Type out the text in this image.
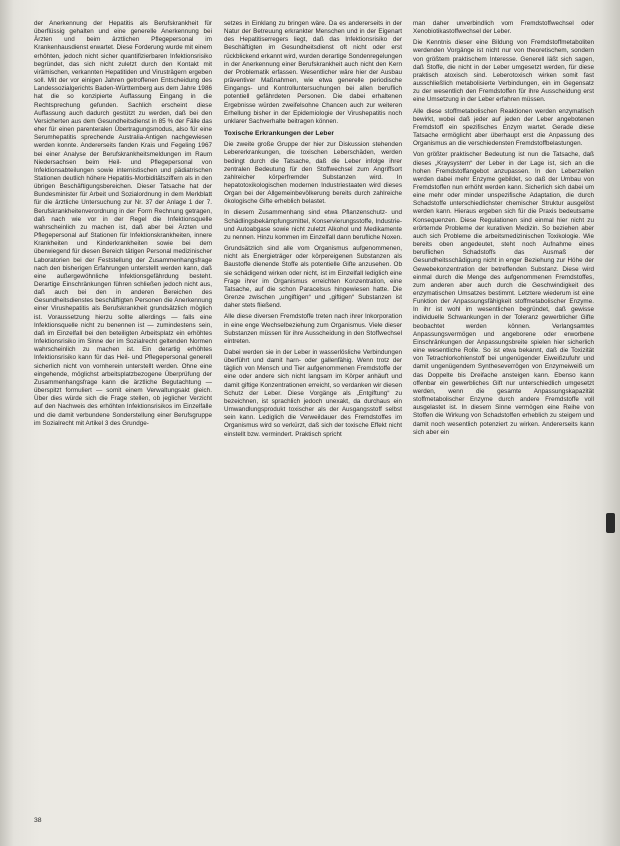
der Anerkennung der Hepatitis als Berufskrankheit für überflüssig gehalten und eine generelle Anerkennung bei Ärzten und beim ärztlichen Pflegepersonal im Krankenhausdienst erwartet. Diese Forderung wurde mit einem erhöhten, jedoch nicht sicher quantifizierbaren Infektionsrisiko begründet, das sich nicht zuletzt durch den Kontakt mit virämischen, verkannten Hepatitiden und Virusträgern ergeben soll. Mit der vor einigen Jahren getroffenen Entscheidung des Landessozialgerichts Baden-Württemberg aus dem Jahre 1986 hat die so konzipierte Auffassung Eingang in die Rechtsprechung gefunden. Sachlich erscheint diese Auffassung auch dadurch gestützt zu werden, daß bei den Versicherten aus dem Gesundheitsdienst in 85 % der Fälle das eher für einen parenteralen Übertragungsmodus, also für eine Serumhepatitis sprechende Australia-Antigen nachgewiesen werden konnte. Andererseits fanden Krais und Fegeling 1967 bei einer Analyse der Berufskrankheitsmeldungen im Raum Niedersachsen beim Heil- und Pflegepersonal von Infektionsabteilungen sowie internistischen und pädiatrischen Stationen deutlich höhere Hepatitis-Morbiditätsziffern als in den übrigen Beschäftigungsbereichen. Dieser Tatsache hat der Bundesminister für Arbeit und Sozialordnung in dem Merkblatt für die ärztliche Untersuchung zur Nr. 37 der Anlage 1 der 7. Berufskrankheitenverordnung in der Form Rechnung getragen, daß nach wie vor in der Regel die Infektionsquelle wahrscheinlich zu machen ist, daß aber bei Ärzten und Pflegepersonal auf Stationen für Infektionskrankheiten, innere Krankheiten und Kinderkrankheiten sowie bei dem überwiegend für diesen Bereich tätigen Personal medizinischer Laboratorien bei der Feststellung der Zusammenhangsfrage nach den bisherigen Erfahrungen unterstellt werden kann, daß eine außergewöhnliche Infektionsgefährdung besteht. Derartige Einschränkungen führen schließen jedoch nicht aus, daß auch bei den in anderen Bereichen des Gesundheitsdienstes beschäftigten Personen die Anerkennung einer Virushepatitis als Berufskrankheit grundsätzlich möglich ist. Voraussetzung hierzu sollte allerdings — falls eine Infektionsquelle nicht zu benennen ist — zumindestens sein, daß im Einzelfall bei den beteiligten Arbeitsplatz ein erhöhtes Infektionsrisiko im Sinne der im Sozialrecht geltenden Normen wahrscheinlich zu machen ist. Ein derartig erhöhtes Infektionsrisiko kann für das Heil- und Pflegepersonal generell sicherlich nicht von vornherein unterstellt werden. Ohne eine eingehende, möglichst arbeitsplatzbezogene Überprüfung der Zusammenhangsfrage kann die ärztliche Begutachtung — überspitzt formuliert — somit einem Verwaltungsakt gleich. Über dies würde sich die Frage stellen, ob jeglicher Verzicht auf den Nachweis des erhöhten Infektionsrisikos im Einzelfalle und die damit verbundene Sonderstellung einer Berufsgruppe im Sozialrecht mit Artikel 3 des Grundge-

setzes in Einklang zu bringen wäre. Da es andererseits in der Natur der Betreuung erkrankter Menschen und in der Eigenart des Hepatitiserregers liegt, daß das Infektionsrisiko der Beschäftigten im Gesundheitsdienst oft nicht oder erst rückblickend erkannt wird, wurden derartige Sondenregelungen in der Anerkennung einer Berufskrankheit auch nicht den Kern der Problematik erfassen. Wesentlicher wäre hier der Ausbau präventiver Maßnahmen, wie etwa generelle periodische Eingangs- und Kontrolluntersuchungen bei allen beruflich potentiell gefährdeten Personen. Die dabei erhaltenen Ergebnisse würden zweifelsohne Chancen auch zur weiteren Erhellung bisher in der Epidemiologie der Virushepatitis noch unklarer Sachverhalte beitragen können.

Toxische Erkrankungen der Leber

Die zweite große Gruppe der hier zur Diskussion stehenden Lebererkrankungen, die toxischen Leberschäden, werden bedingt durch die Tatsache, daß die Leber infolge ihrer zentralen Bedeutung für den Stoffwechsel zum Angriffsort zahlreicher körperfremder Substanzen wird. In hepatotoxikologischen modernen Industriestaaten wird dieses Organ bei der Allgemeinbevölkerung bereits durch zahlreiche ökologische Gifte erheblich belastet.

In diesem Zusammenhang sind etwa Pflanzenschutz- und Schädlingsbekämpfungsmittel, Konservierungsstoffe, Industrie- und Autoabgase sowie nicht zuletzt Alkohol und Medikamente zu nennen. Hinzu kommen im Einzelfall dann berufliche Noxen.

Grundsätzlich sind alle vom Organismus aufgenommenen, nicht als Energieträger oder körpereigenen Substanzen als Baustoffe dienende Stoffe als potentielle Gifte anzusehen. Ob sie schädigend wirken oder nicht, ist im Einzelfall lediglich eine Frage ihrer im Organismus erreichten Konzentration, eine Tatsache, auf die schon Paracelsus hingewiesen hatte. Die Grenze zwischen „ungiftigen“ und „giftigen“ Substanzen ist daher stets fließend.

Alle diese diversen Fremdstoffe treten nach ihrer Inkorporation in eine enge Wechselbeziehung zum Organismus. Viele dieser Substanzen müssen für ihre Ausscheidung in den Stoffwechsel eintreten.

Dabei werden sie in der Leber in wasserlösliche Verbindungen überführt und damit harn- oder gallenfähig. Wenn trotz der täglich von Mensch und Tier aufgenommenen Fremdstoffe der eine oder andere sich nicht langsam im Körper anhäuft und damit giftige Konzentrationen erreicht, so verdanken wir diesen Schutz der Leber. Diese Vorgänge als „Entgiftung“ zu bezeichnen, ist sprachlich jedoch unexakt, da durchaus ein Umwandlungsprodukt toxischer als der Ausgangsstoff selbst sein kann. Lediglich die Verweildauer des Fremdstoffes im Organismus wird so verkürzt, daß sich der toxische Effekt nicht einstellt bzw. vermindert. Praktisch spricht

man daher unverbindlich vom Fremdstoffwechsel oder Xenobiotikastoffwechsel der Leber.

Die Kenntnis dieser eine Bildung von Fremdstoffmetaboliten werdenden Vorgänge ist nicht nur von theoretischem, sondern von größtem praktischem Interesse. Generell läßt sich sagen, daß Stoffe, die nicht in der Leber umgesetzt werden, für diese praktisch atoxisch sind. Leberotoxisch wirken somit fast ausschließlich metabolisierte Verbindungen, ein im Gegensatz zu der wesentlich den Fremdstoffen für ihre Ausscheidung erst eine Umsetzung in der Leber erfahren müssen.

Alle diese stoffmetabolischen Reaktionen werden enzymatisch bewirkt, wobei daß jeder auf jeden der Leber angebotenen Fremdstoff ein spezifisches Enzym wartet. Gerade diese Tatsache ermöglicht aber überhaupt erst die Anpassung des Organismus an die verschiedensten Fremdstoffbelastungen.

Von größter praktischer Bedeutung ist nun die Tatsache, daß dieses „Kraysystem“ der Leber in der Lage ist, sich an die hohen Fremdstoffangebot anzupassen. In den Leberzellen werden dabei mehr Enzyme gebildet, so daß der Umbau von Fremdstoffen nun erhöht werden kann. Sicherlich sich dabei um eine mehr oder minder unspezifische Adaptation, die durch Schadstoffe unterschiedlichster chemischer Struktur ausgelöst werden kann. Hieraus ergeben sich für die Praxis bedeutsame Konsequenzen. Diese Regulationen sind einmal hier nicht zu erörternde Probleme der kurativen Medizin. So beziehen aber auch sich Probleme die arbeitsmedizinischen Toxikologie. Wie bereits oben angedeutet, steht noch Aufnahme eines beruflichen Schadstoffs das Ausmaß der Gesundheitsschädigung nicht in enger Beziehung zur Höhe der Gewebekonzentration der betreffenden Substanz. Diese wird einmal durch die Menge des aufgenommenen Fremdstoffes, zum anderen aber auch durch die Geschwindigkeit des enzymatischen Umsatzes bestimmt. Letztere wiederum ist eine Funktion der Anpassungsfähigkeit stoffmetabolischer Enzyme. In ihr ist wohl im wesentlichen begründet, daß gewisse individuelle Schwankungen in der Toleranz gewerblicher Gifte beobachtet werden können. Verlangsamtes Anpassungsvermögen und angeborene oder erworbene Einschränkungen der Anpassungsbreite spielen hier sicherlich eine wesentliche Rolle. So ist etwa bekannt, daß die Toxizität von Tetrachlorkohlenstoff bei ungenügender Eiweißzufuhr und damit ungenügendem Syntheseverrögen von Enzymeiweiß um das Doppelte bis Dreifache ansteigen kann. Ebenso kann offenbar ein gewerbliches Gift nur unterschiedlich umgesetzt werden, wenn die gesamte Anpassungskapazität stoffmetabolischer Enzyme durch andere Fremdstoffe voll ausgelastet ist. In diesem Sinne vermögen eine Reihe von Stoffen die Wirkung von Schadstoffen erheblich zu steigern und damit noch wesentlich potenziert zu wirken. Andererseits kann sich aber ein

38
